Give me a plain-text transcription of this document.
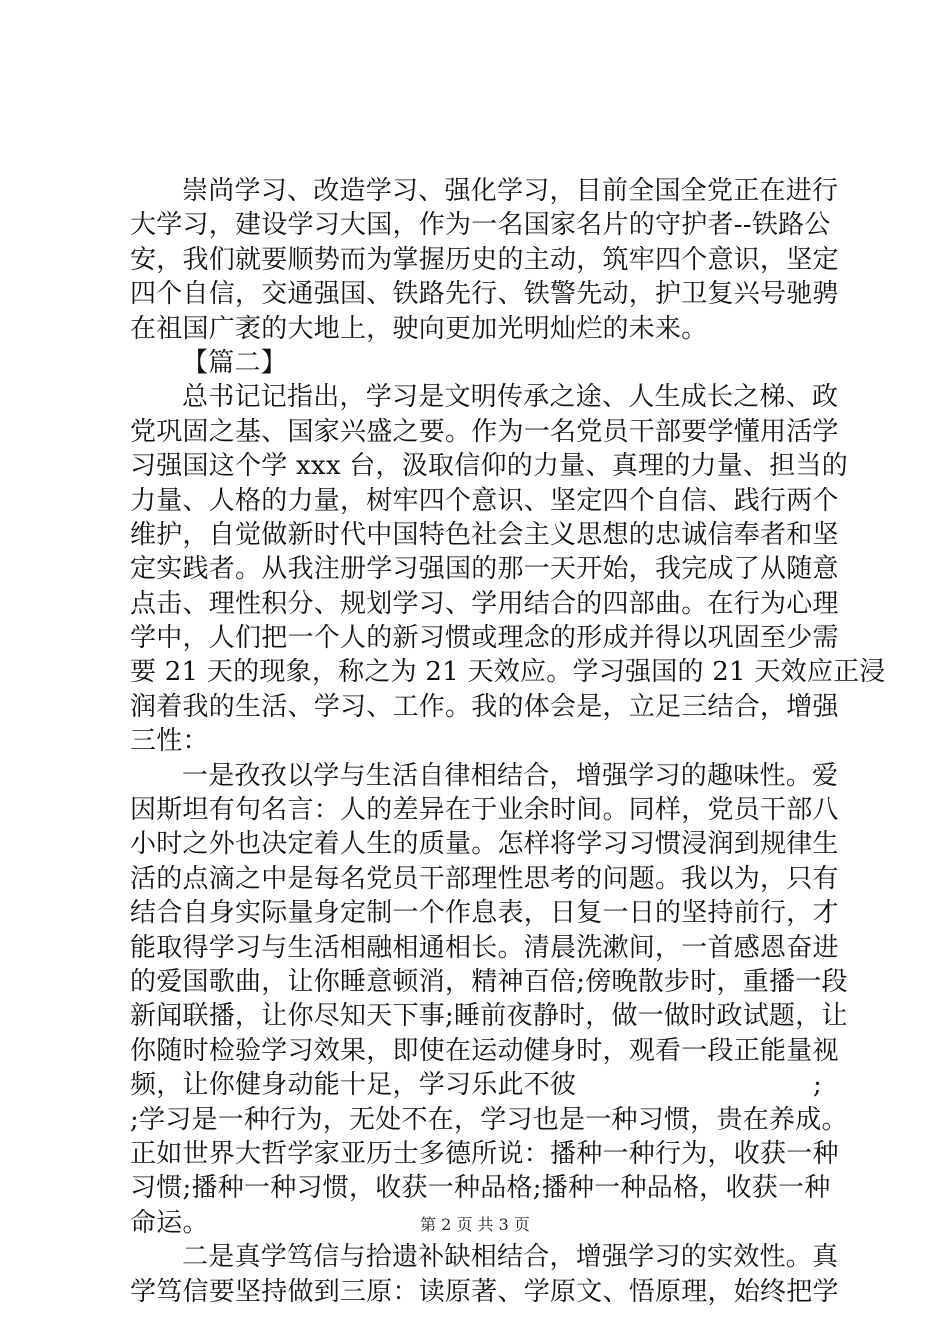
崇尚学习、改造学习、强化学习，目前全国全党正在进行
大学习，建设学习大国，作为一名国家名片的守护者--铁路公
安，我们就要顺势而为掌握历史的主动，筑牢四个意识，坚定
四个自信，交通强国、铁路先行、铁警先动，护卫复兴号驰骋
在祖国广袤的大地上，驶向更加光明灿烂的未来。
【篇二】
总书记记指出，学习是文明传承之途、人生成长之梯、政
党巩固之基、国家兴盛之要。作为一名党员干部要学懂用活学
习强国这个学 xxx 台，汲取信仰的力量、真理的力量、担当的
力量、人格的力量，树牢四个意识、坚定四个自信、践行两个
维护，自觉做新时代中国特色社会主义思想的忠诚信奉者和坚
定实践者。从我注册学习强国的那一天开始，我完成了从随意
点击、理性积分、规划学习、学用结合的四部曲。在行为心理
学中，人们把一个人的新习惯或理念的形成并得以巩固至少需
要 21 天的现象，称之为 21 天效应。学习强国的 21 天效应正浸
润着我的生活、学习、工作。我的体会是，立足三结合，增强
三性：
一是孜孜以学与生活自律相结合，增强学习的趣味性。爱
因斯坦有句名言：人的差异在于业余时间。同样，党员干部八
小时之外也决定着人生的质量。怎样将学习习惯浸润到规律生
活的点滴之中是每名党员干部理性思考的问题。我以为，只有
结合自身实际量身定制一个作息表，日复一日的坚持前行，才
能取得学习与生活相融相通相长。清晨洗漱间，一首感恩奋进
的爱国歌曲，让你睡意顿消，精神百倍;傍晚散步时，重播一段
新闻联播，让你尽知天下事;睡前夜静时，做一做时政试题，让
你随时检验学习效果，即使在运动健身时，观看一段正能量视
频，让你健身动能十足，学习乐此不彼	;
;学习是一种行为，无处不在，学习也是一种习惯，贵在养成。
正如世界大哲学家亚历士多德所说：播种一种行为，收获一种
习惯;播种一种习惯，收获一种品格;播种一种品格，收获一种
命运。
二是真学笃信与拾遗补缺相结合，增强学习的实效性。真
学笃信要坚持做到三原：读原著、学原文、悟原理，始终把学
第 2 页 共 3 页
